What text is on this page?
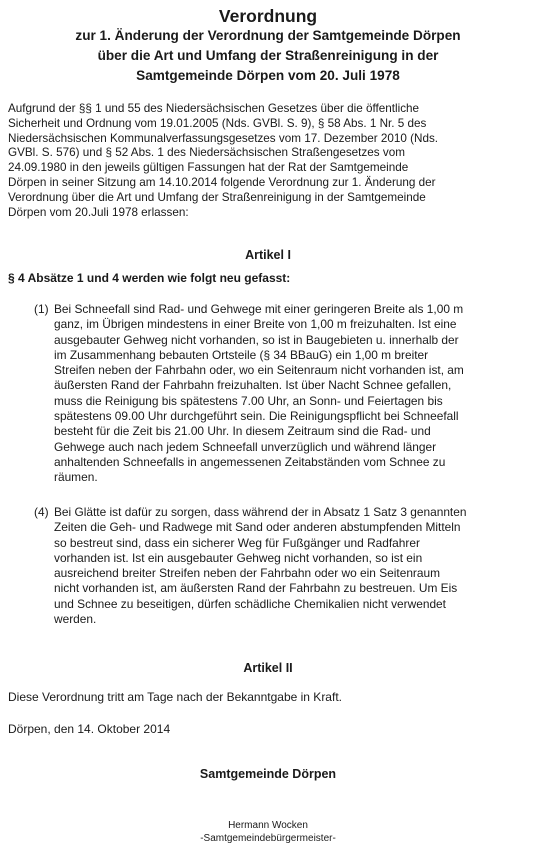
Verordnung
zur 1. Änderung der Verordnung der Samtgemeinde Dörpen
über die Art und Umfang der Straßenreinigung in der
Samtgemeinde Dörpen vom 20. Juli 1978
Aufgrund der §§ 1 und 55 des Niedersächsischen Gesetzes über die öffentliche
Sicherheit und Ordnung vom 19.01.2005 (Nds. GVBl. S. 9), § 58 Abs. 1 Nr. 5 des
Niedersächsischen Kommunalverfassungsgesetzes vom 17. Dezember 2010 (Nds.
GVBl. S. 576) und § 52 Abs. 1 des Niedersächsischen Straßengesetzes vom
24.09.1980 in den jeweils gültigen Fassungen hat der Rat der Samtgemeinde
Dörpen in seiner Sitzung am 14.10.2014 folgende Verordnung zur 1. Änderung der
Verordnung über die Art und Umfang der Straßenreinigung in der Samtgemeinde
Dörpen vom 20.Juli 1978 erlassen:
Artikel I
§ 4 Absätze 1 und 4 werden wie folgt neu gefasst:
(1) Bei Schneefall sind Rad- und Gehwege mit einer geringeren Breite als 1,00 m
ganz, im Übrigen mindestens in einer Breite von 1,00 m freizuhalten. Ist eine
ausgebauter Gehweg nicht vorhanden, so ist in Baugebieten u. innerhalb der
im Zusammenhang bebauten Ortsteile (§ 34 BBauG) ein 1,00 m breiter
Streifen neben der Fahrbahn oder, wo ein Seitenraum nicht vorhanden ist, am
äußersten Rand der Fahrbahn freizuhalten. Ist über Nacht Schnee gefallen,
muss die Reinigung bis spätestens 7.00 Uhr, an Sonn- und Feiertagen bis
spätestens 09.00 Uhr durchgeführt sein. Die Reinigungspflicht bei Schneefall
besteht für die Zeit bis 21.00 Uhr. In diesem Zeitraum sind die Rad- und
Gehwege auch nach jedem Schneefall unverzüglich und während länger
anhaltenden Schneefalls in angemessenen Zeitabständen vom Schnee zu
räumen.
(4) Bei Glätte ist dafür zu sorgen, dass während der in Absatz 1 Satz 3 genannten
Zeiten die Geh- und Radwege mit Sand oder anderen abstumpfenden Mitteln
so bestreut sind, dass ein sicherer Weg für Fußgänger und Radfahrer
vorhanden ist. Ist ein ausgebauter Gehweg nicht vorhanden, so ist ein
ausreichend breiter Streifen neben der Fahrbahn oder wo ein Seitenraum
nicht vorhanden ist, am äußersten Rand der Fahrbahn zu bestreuen. Um Eis
und Schnee zu beseitigen, dürfen schädliche Chemikalien nicht verwendet
werden.
Artikel II
Diese Verordnung tritt am Tage nach der Bekanntgabe in Kraft.
Dörpen, den 14. Oktober 2014
Samtgemeinde Dörpen
Hermann Wocken
-Samtgemeindebürgermeister-
